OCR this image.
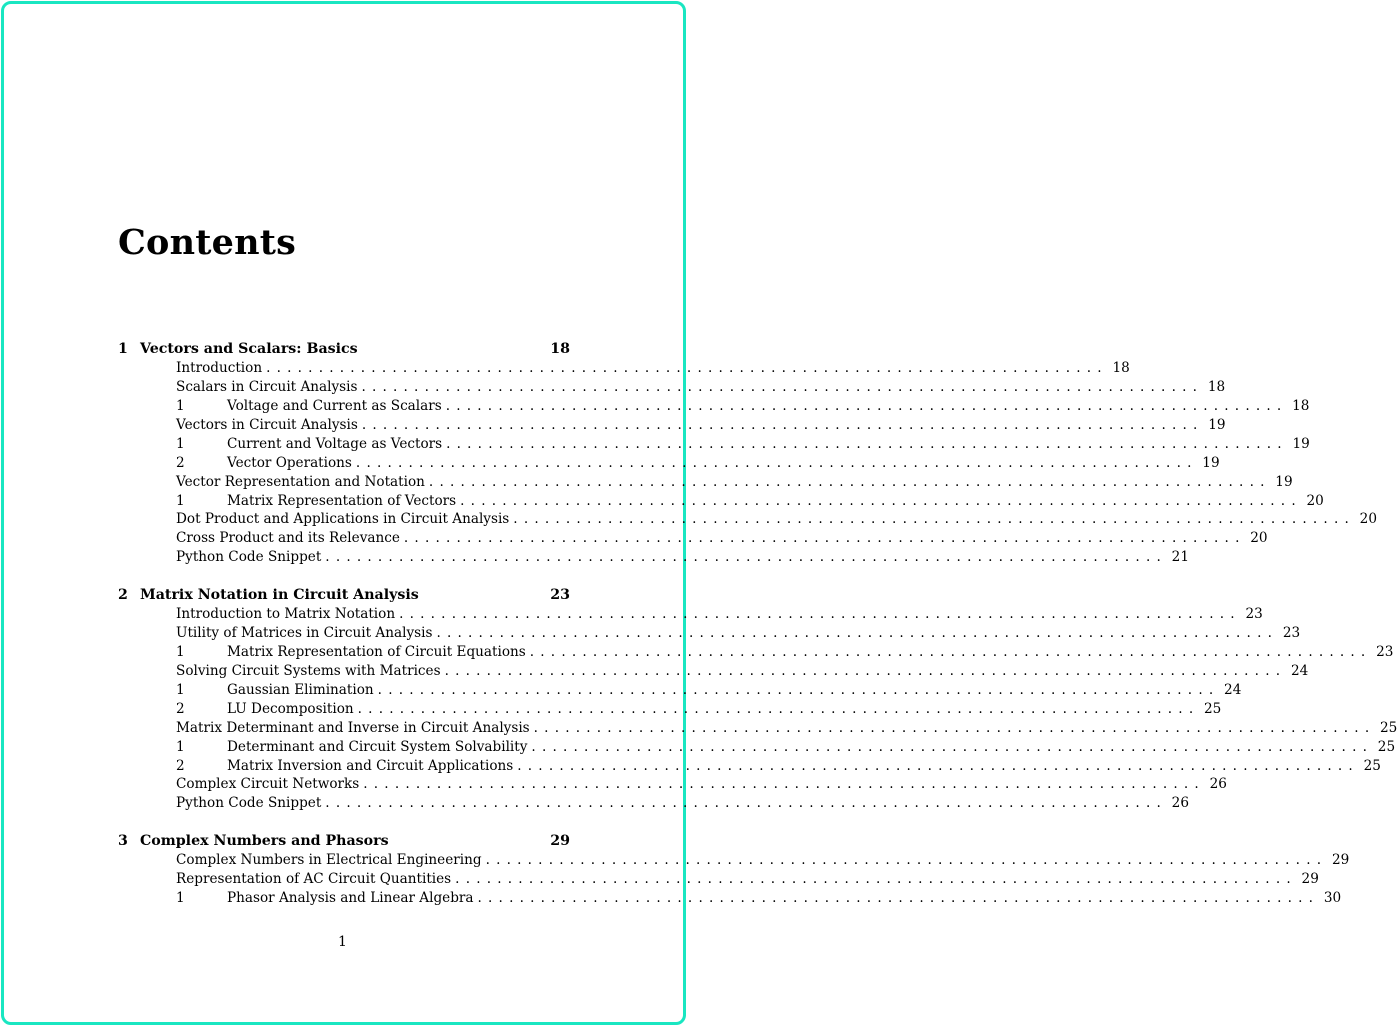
Contents
1 Vectors and Scalars: Basics	18
Introduction ................................................................................ 18
Scalars in Circuit Analysis ................................................................................ 18
1	Voltage and Current as Scalars ................................................................................ 18
Vectors in Circuit Analysis ................................................................................ 19
1	Current and Voltage as Vectors ................................................................................ 19
2	Vector Operations ................................................................................ 19
Vector Representation and Notation ................................................................................ 19
1	Matrix Representation of Vectors ................................................................................ 20
Dot Product and Applications in Circuit Analysis ................................................................................ 20
Cross Product and its Relevance ................................................................................ 20
Python Code Snippet ................................................................................ 21
2 Matrix Notation in Circuit Analysis	23
Introduction to Matrix Notation ................................................................................ 23
Utility of Matrices in Circuit Analysis ................................................................................ 23
1	Matrix Representation of Circuit Equations ................................................................................ 23
Solving Circuit Systems with Matrices ................................................................................ 24
1	Gaussian Elimination ................................................................................ 24
2	LU Decomposition ................................................................................ 25
Matrix Determinant and Inverse in Circuit Analysis ................................................................................ 25
1	Determinant and Circuit System Solvability ................................................................................ 25
2	Matrix Inversion and Circuit Applications ................................................................................ 25
Complex Circuit Networks ................................................................................ 26
Python Code Snippet ................................................................................ 26
3 Complex Numbers and Phasors	29
Complex Numbers in Electrical Engineering ................................................................................ 29
Representation of AC Circuit Quantities ................................................................................ 29
1	Phasor Analysis and Linear Algebra ................................................................................ 30
1
